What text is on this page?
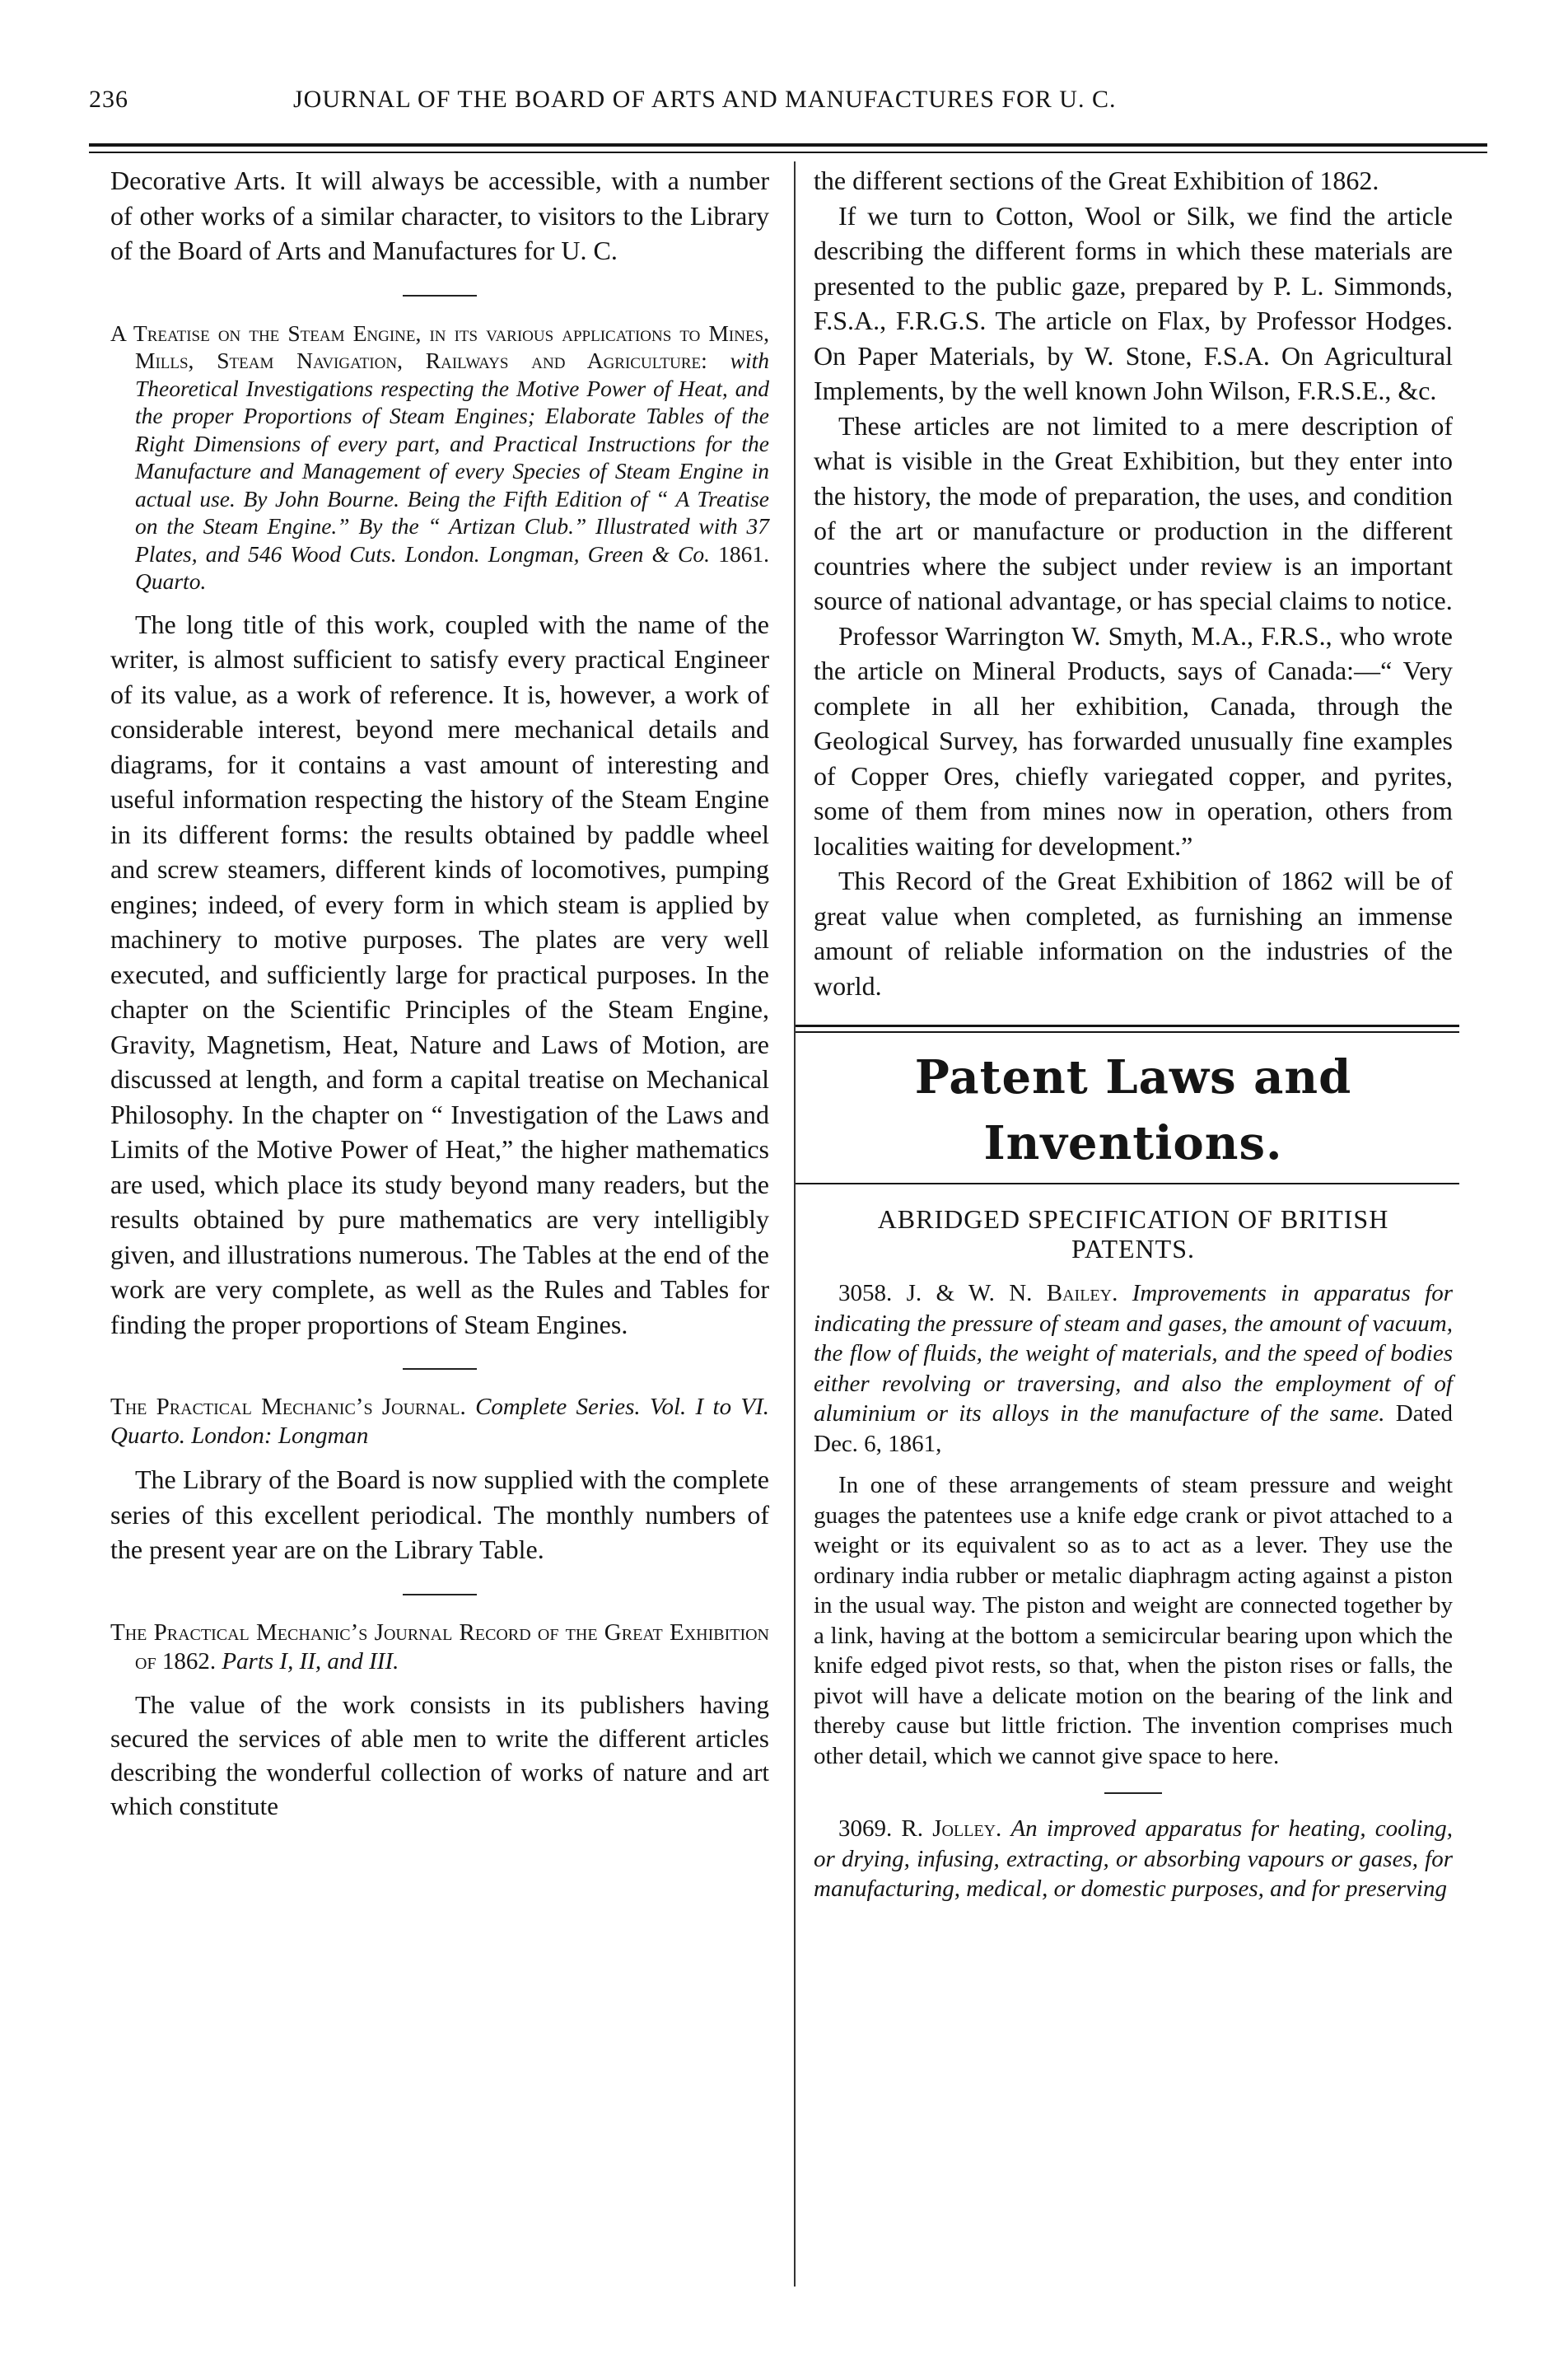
236	JOURNAL OF THE BOARD OF ARTS AND MANUFACTURES FOR U. C.

Decorative Arts. It will always be accessible, with a number of other works of a similar character, to visitors to the Library of the Board of Arts and Manufactures for U. C.

A Treatise on the Steam Engine, in its various applications to Mines, Mills, Steam Navigation, Railways and Agriculture: with Theoretical Investigations respecting the Motive Power of Heat, and the proper Proportions of Steam Engines; Elaborate Tables of the Right Dimensions of every part, and Practical Instructions for the Manufacture and Management of every Species of Steam Engine in actual use. By John Bourne. Being the Fifth Edition of “ A Treatise on the Steam Engine.” By the “ Artizan Club.” Illustrated with 37 Plates, and 546 Wood Cuts. London. Longman, Green & Co. 1861. Quarto.

The long title of this work, coupled with the name of the writer, is almost sufficient to satisfy every practical Engineer of its value, as a work of reference. It is, however, a work of considerable interest, beyond mere mechanical details and diagrams, for it contains a vast amount of interesting and useful information respecting the history of the Steam Engine in its different forms: the results obtained by paddle wheel and screw steamers, different kinds of locomotives, pumping engines; indeed, of every form in which steam is applied by machinery to motive purposes. The plates are very well executed, and sufficiently large for practical purposes. In the chapter on the Scientific Principles of the Steam Engine, Gravity, Magnetism, Heat, Nature and Laws of Motion, are discussed at length, and form a capital treatise on Mechanical Philosophy. In the chapter on “ Investigation of the Laws and Limits of the Motive Power of Heat,” the higher mathematics are used, which place its study beyond many readers, but the results obtained by pure mathematics are very intelligibly given, and illustrations numerous. The Tables at the end of the work are very complete, as well as the Rules and Tables for finding the proper proportions of Steam Engines.

The Practical Mechanic’s Journal. Complete Series. Vol. I to VI. Quarto. London: Longman

The Library of the Board is now supplied with the complete series of this excellent periodical. The monthly numbers of the present year are on the Library Table.

The Practical Mechanic’s Journal Record of the Great Exhibition of 1862. Parts I, II, and III.

The value of the work consists in its publishers having secured the services of able men to write the different articles describing the wonderful collection of works of nature and art which constitute

the different sections of the Great Exhibition of 1862.

If we turn to Cotton, Wool or Silk, we find the article describing the different forms in which these materials are presented to the public gaze, prepared by P. L. Simmonds, F.S.A., F.R.G.S. The article on Flax, by Professor Hodges. On Paper Materials, by W. Stone, F.S.A. On Agricultural Implements, by the well known John Wilson, F.R.S.E., &c.

These articles are not limited to a mere description of what is visible in the Great Exhibition, but they enter into the history, the mode of preparation, the uses, and condition of the art or manufacture or production in the different countries where the subject under review is an important source of national advantage, or has special claims to notice.

Professor Warrington W. Smyth, M.A., F.R.S., who wrote the article on Mineral Products, says of Canada:—“ Very complete in all her exhibition, Canada, through the Geological Survey, has forwarded unusually fine examples of Copper Ores, chiefly variegated copper, and pyrites, some of them from mines now in operation, others from localities waiting for development.”

This Record of the Great Exhibition of 1862 will be of great value when completed, as furnishing an immense amount of reliable information on the industries of the world.

Patent Laws and Inventions.
ABRIDGED SPECIFICATION OF BRITISH PATENTS.

3058. J. & W. N. Bailey. Improvements in apparatus for indicating the pressure of steam and gases, the amount of vacuum, the flow of fluids, the weight of materials, and the speed of bodies either revolving or traversing, and also the employment of of aluminium or its alloys in the manufacture of the same. Dated Dec. 6, 1861,

In one of these arrangements of steam pressure and weight guages the patentees use a knife edge crank or pivot attached to a weight or its equivalent so as to act as a lever. They use the ordinary india rubber or metalic diaphragm acting against a piston in the usual way. The piston and weight are connected together by a link, having at the bottom a semicircular bearing upon which the knife edged pivot rests, so that, when the piston rises or falls, the pivot will have a delicate motion on the bearing of the link and thereby cause but little friction. The invention comprises much other detail, which we cannot give space to here.

3069. R. Jolley. An improved apparatus for heating, cooling, or drying, infusing, extracting, or absorbing vapours or gases, for manufacturing, medical, or domestic purposes, and for preserving
